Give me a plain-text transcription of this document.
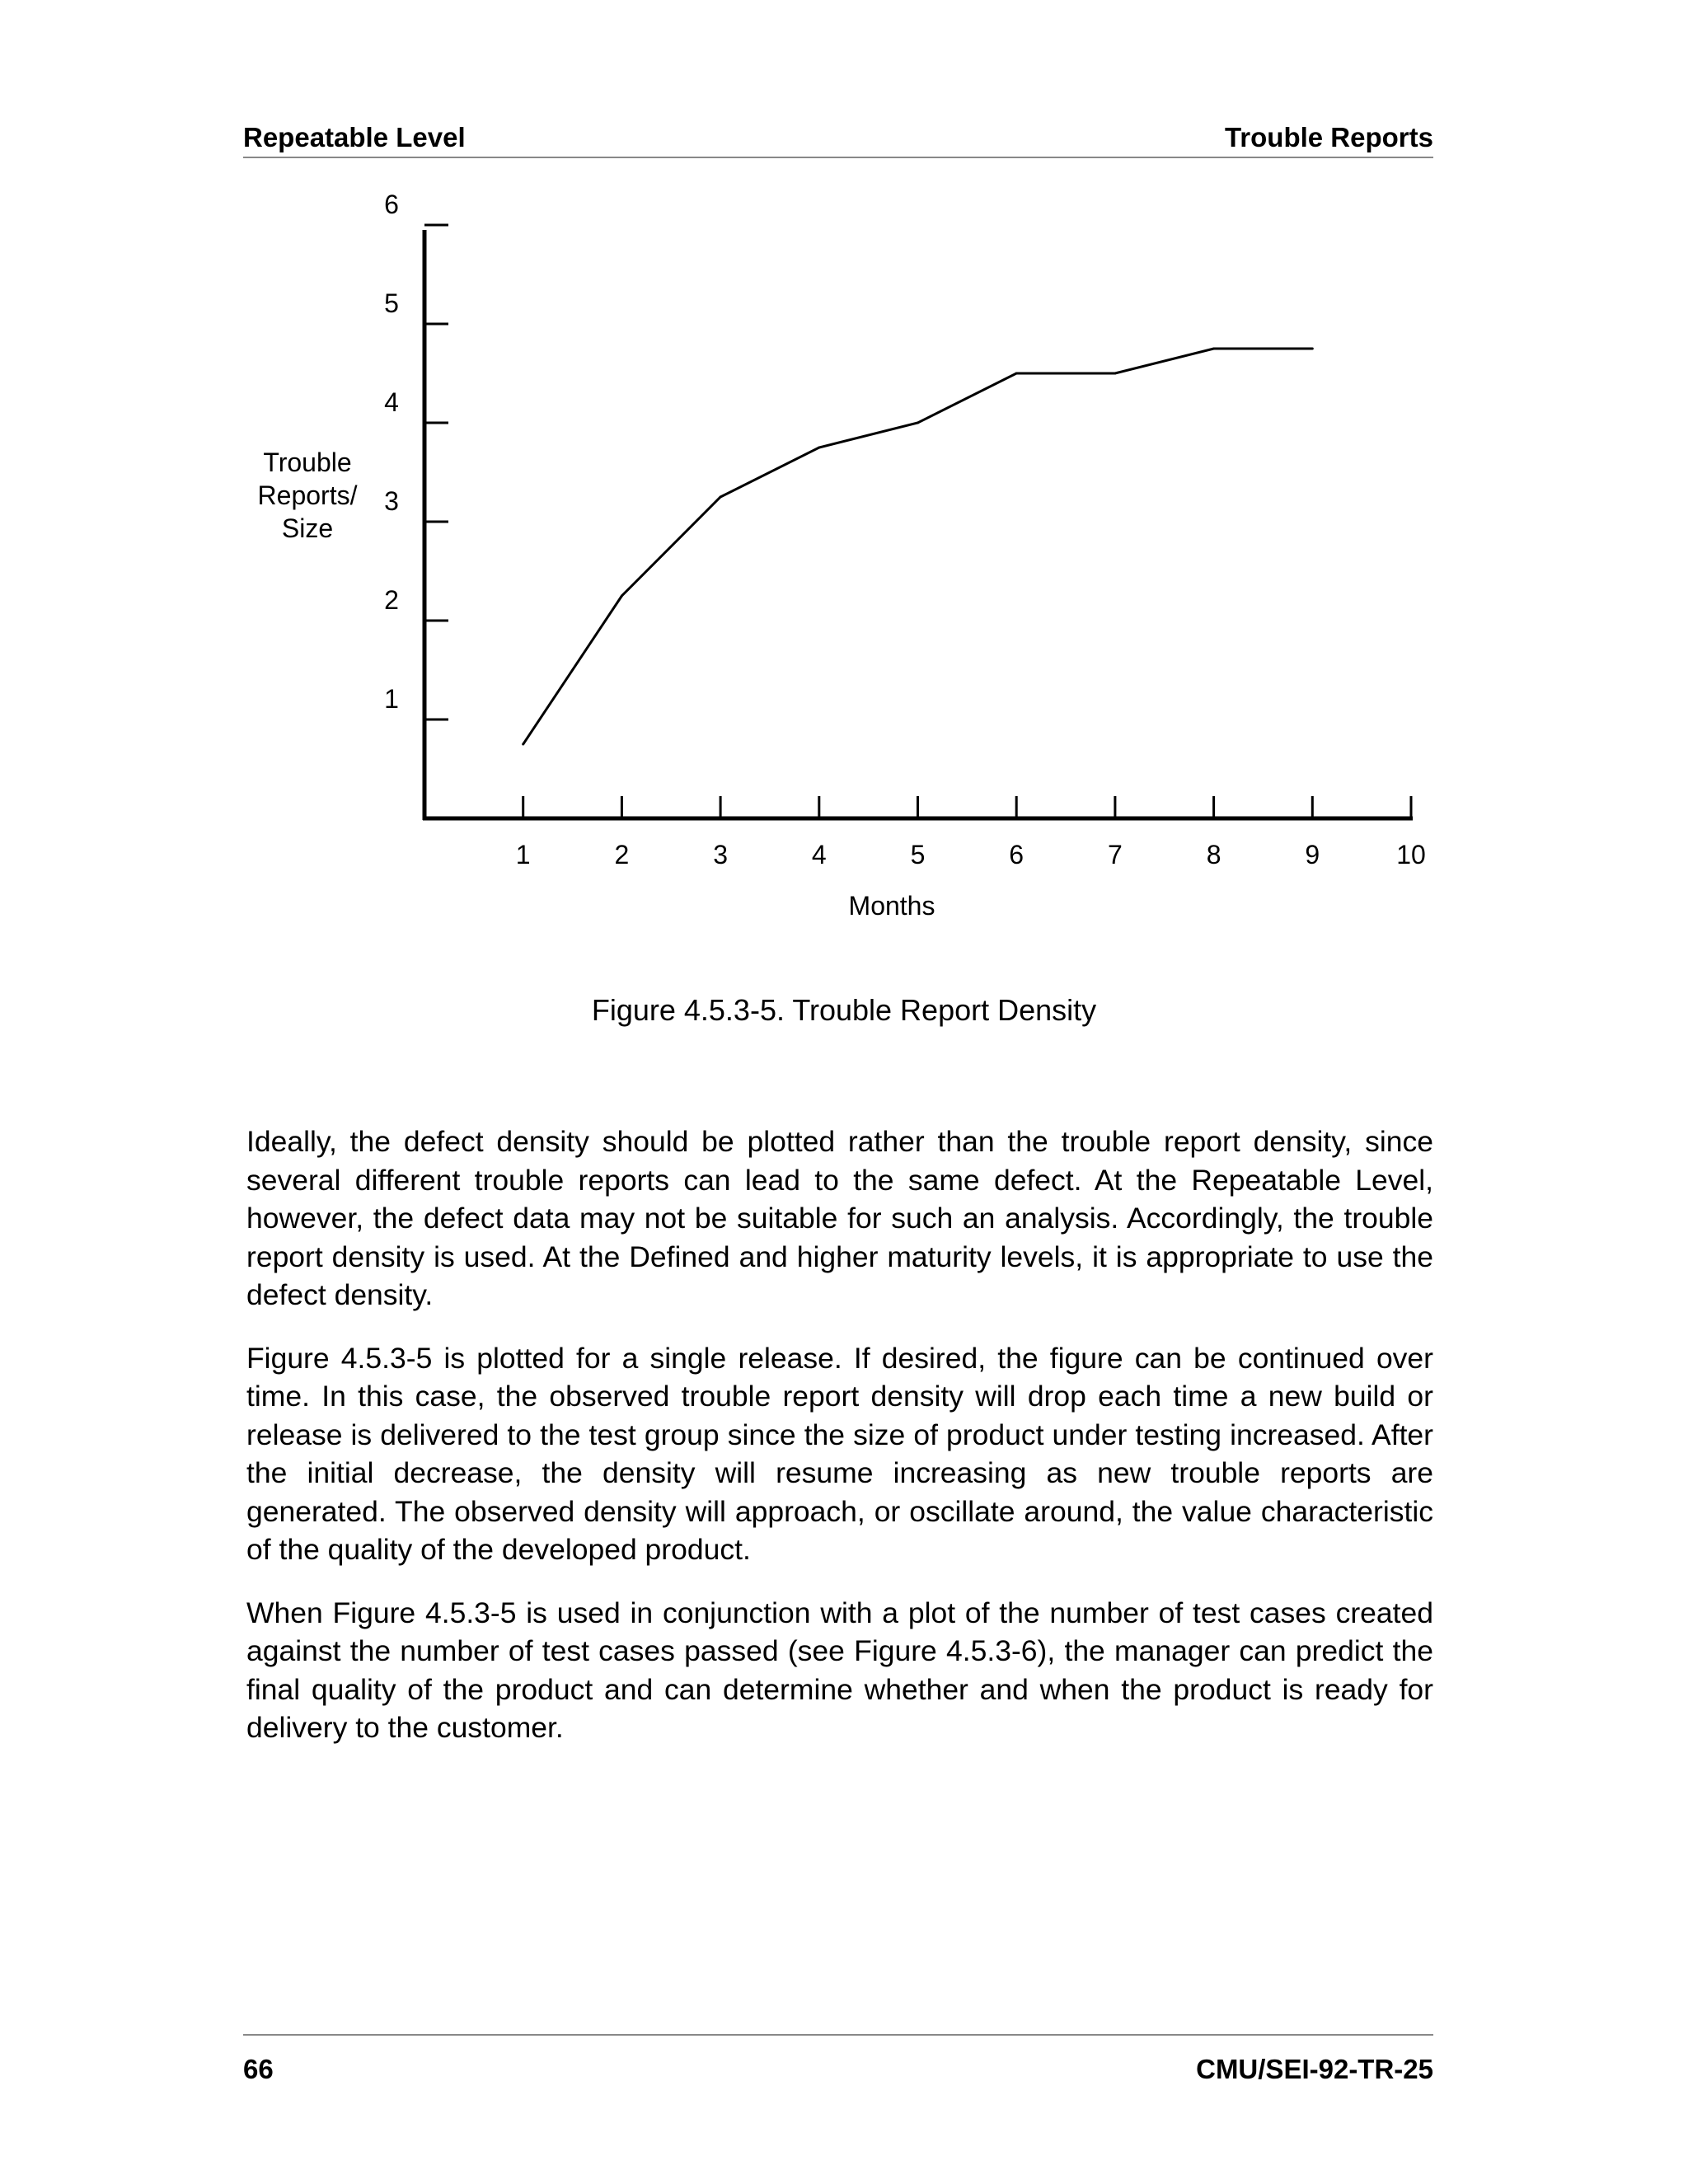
Repeatable Level	Trouble Reports
1
2
3
4
5
6
1	2	3	4	5	6	7	8	9	10
Months
Trouble
Reports/
Size
Figure 4.5.3-5. Trouble Report Density

Ideally, the defect density should be plotted rather than the trouble report density, since several different trouble reports can lead to the same defect. At the Repeatable Level, however, the defect data may not be suitable for such an analysis. Accordingly, the trouble report density is used. At the Defined and higher maturity levels, it is appropriate to use the defect density.

Figure 4.5.3-5 is plotted for a single release. If desired, the figure can be continued over time. In this case, the observed trouble report density will drop each time a new build or release is delivered to the test group since the size of product under testing increased. After the initial decrease, the density will resume increasing as new trouble reports are generated. The observed density will approach, or oscillate around, the value characteristic of the quality of the developed product.

When Figure 4.5.3-5 is used in conjunction with a plot of the number of test cases created against the number of test cases passed (see Figure 4.5.3-6), the manager can predict the final quality of the product and can determine whether and when the product is ready for delivery to the customer.

66	CMU/SEI-92-TR-25
